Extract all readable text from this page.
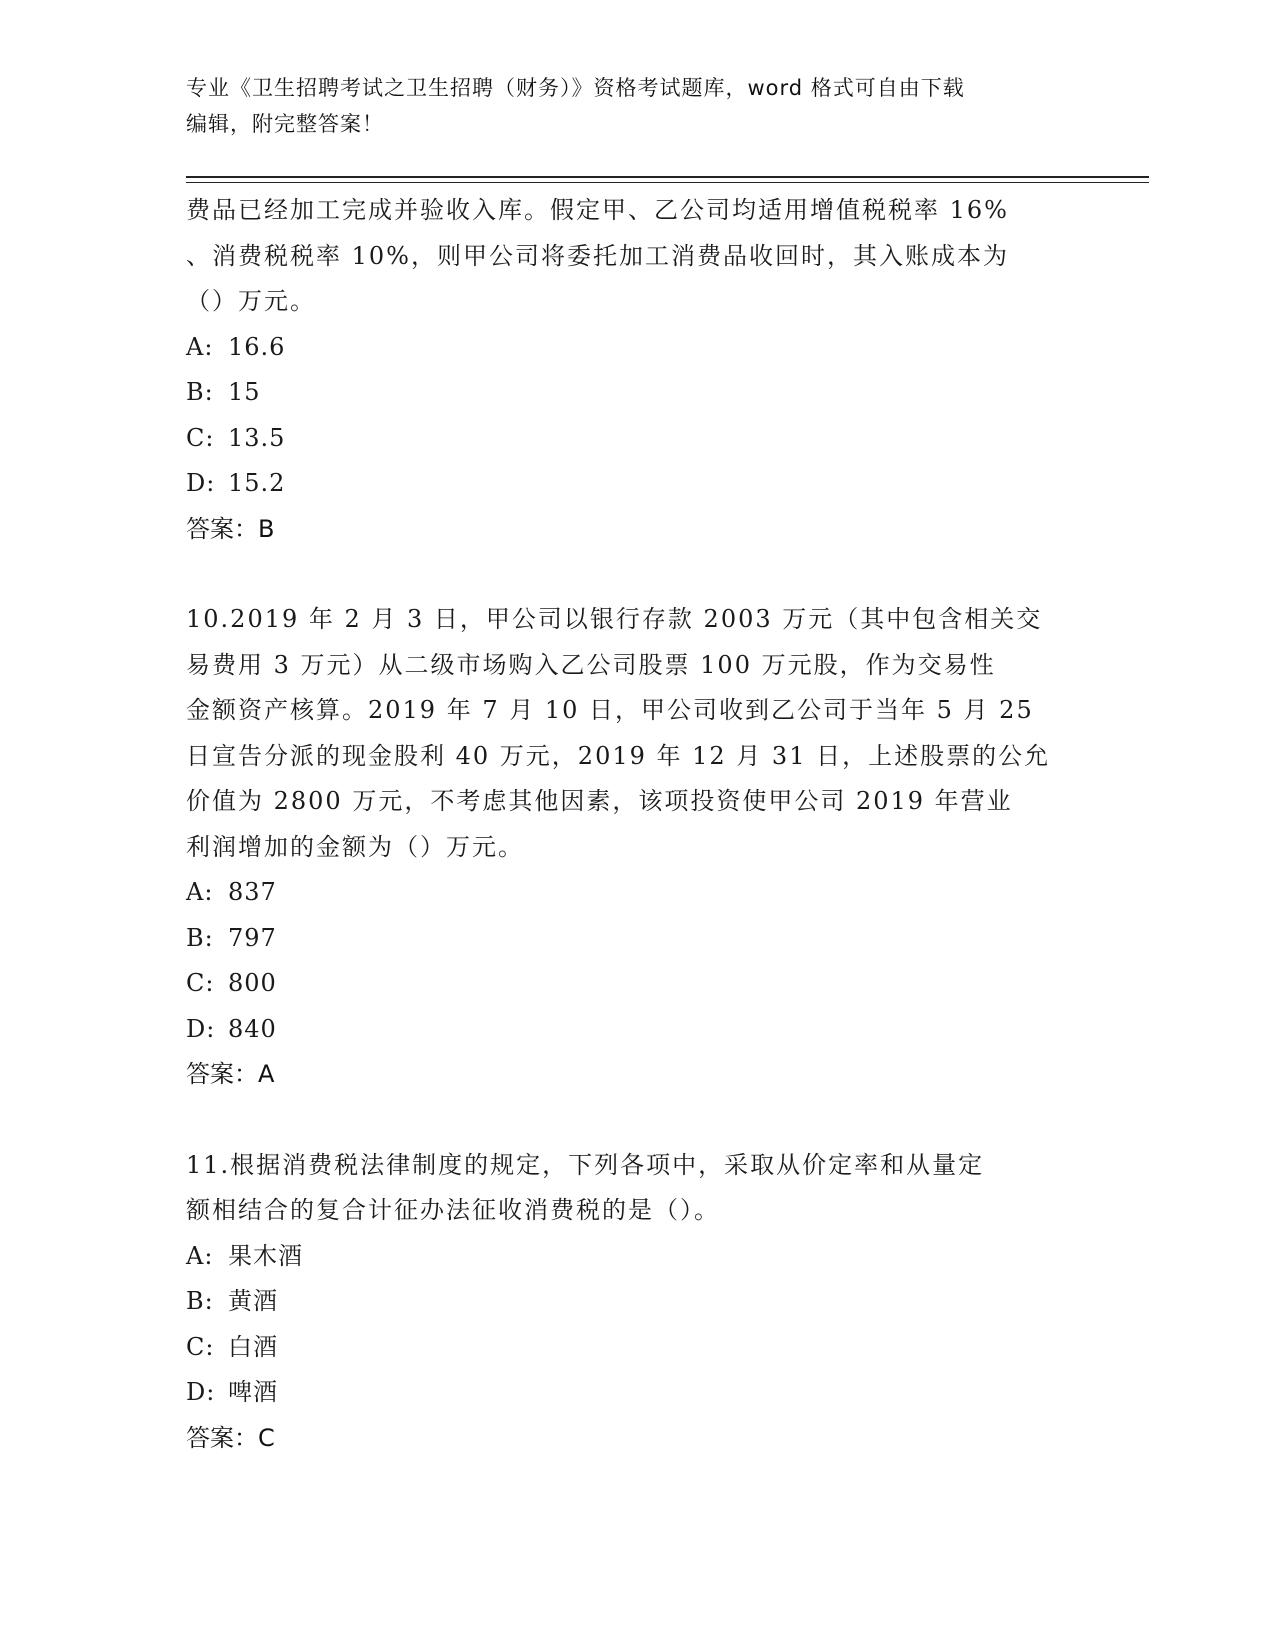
专业《卫生招聘考试之卫生招聘（财务）》资格考试题库，word 格式可自由下载
编辑，附完整答案！

费品已经加工完成并验收入库。假定甲、乙公司均适用增值税税率 16%

、消费税税率 10%，则甲公司将委托加工消费品收回时，其入账成本为

（）万元。

A: 16.6

B: 15

C: 13.5

D: 15.2

答案：B

10.2019 年 2 月 3 日，甲公司以银行存款 2003 万元（其中包含相关交

易费用 3 万元）从二级市场购入乙公司股票 100 万元股，作为交易性

金额资产核算。2019 年 7 月 10 日，甲公司收到乙公司于当年 5 月 25

日宣告分派的现金股利 40 万元，2019 年 12 月 31 日，上述股票的公允

价值为 2800 万元，不考虑其他因素，该项投资使甲公司 2019 年营业

利润增加的金额为（）万元。

A: 837

B: 797

C: 800

D: 840

答案：A

11.根据消费税法律制度的规定，下列各项中，采取从价定率和从量定

额相结合的复合计征办法征收消费税的是（）。

A: 果木酒

B: 黄酒

C: 白酒

D: 啤酒

答案：C
